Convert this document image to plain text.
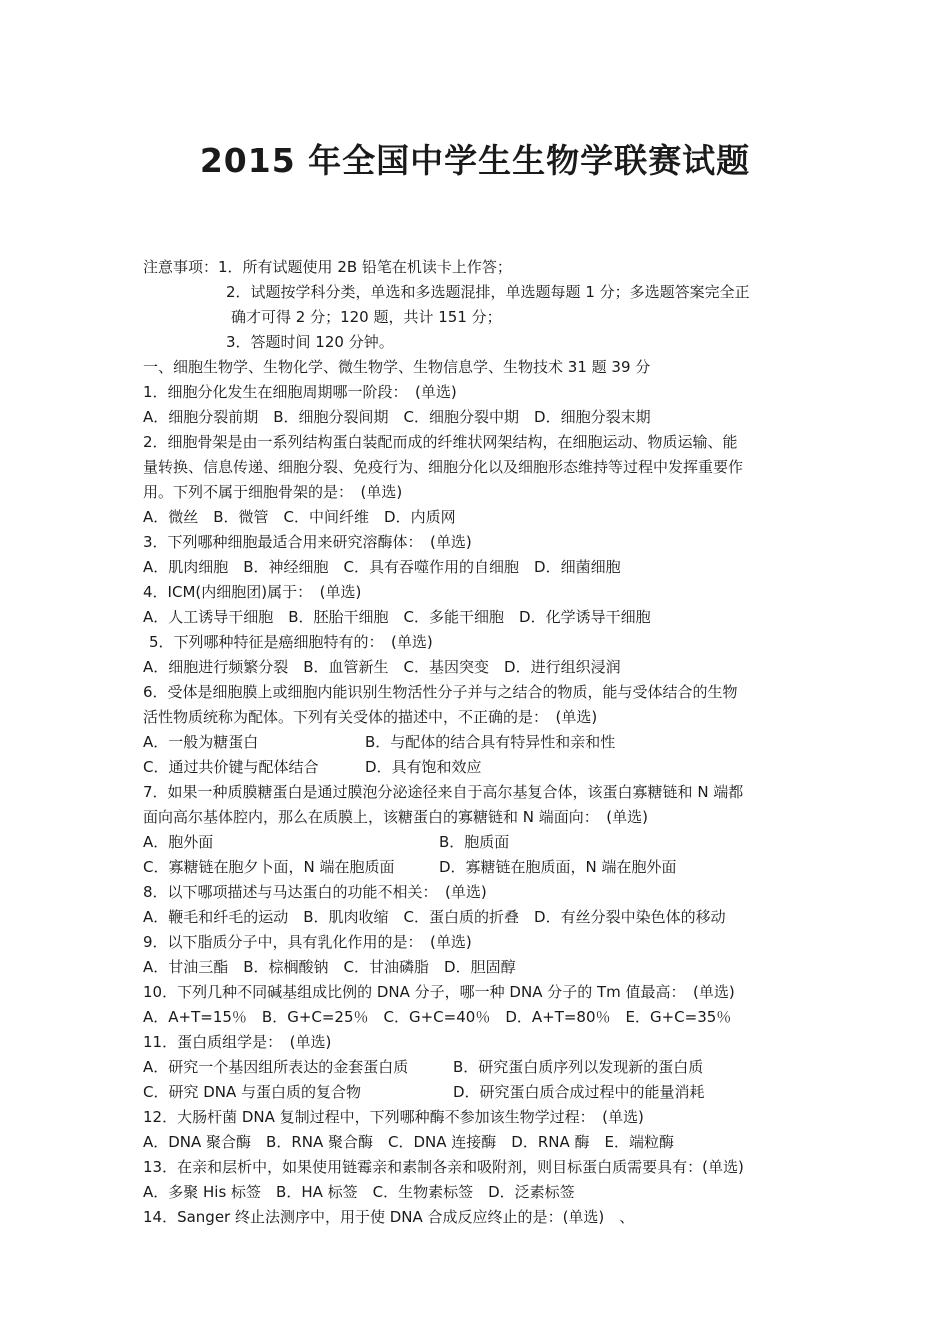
2015 年全国中学生生物学联赛试题
注意事项：1．所有试题使用 2B 铅笔在机读卡上作答；
2．试题按学科分类，单选和多选题混排，单选题每题 1 分；多选题答案完全正
确才可得 2 分；120 题，共计 151 分；
3．答题时间 120 分钟。
一、细胞生物学、生物化学、微生物学、生物信息学、生物技术 31 题 39 分
1．细胞分化发生在细胞周期哪一阶段：　(单选)
A．细胞分裂前期　B．细胞分裂间期　C．细胞分裂中期　D．细胞分裂末期
2．细胞骨架是由一系列结构蛋白装配而成的纤维状网架结构，在细胞运动、物质运输、能
量转换、信息传递、细胞分裂、免疫行为、细胞分化以及细胞形态维持等过程中发挥重要作
用。下列不属于细胞骨架的是：　(单选)
A．微丝　B．微管　C．中间纤维　D．内质网
3．下列哪种细胞最适合用来研究溶酶体：　(单选)
A．肌肉细胞　B．神经细胞　C．具有吞噬作用的自细胞　D．细菌细胞
4．ICM(内细胞团)属于：　(单选)
A．人工诱导干细胞　B．胚胎干细胞　C．多能干细胞　D．化学诱导干细胞
5．下列哪种特征是癌细胞特有的：　(单选)
A．细胞进行频繁分裂　B．血管新生　C．基因突变　D．进行组织浸润
6．受体是细胞膜上或细胞内能识别生物活性分子并与之结合的物质，能与受体结合的生物
活性物质统称为配体。下列有关受体的描述中，不正确的是：　(单选)
A．一般为糖蛋白	B．与配体的结合具有特异性和亲和性
C．通过共价键与配体结合	D．具有饱和效应
7．如果一种质膜糖蛋白是通过膜泡分泌途径来自于高尔基复合体，该蛋白寡糖链和 N 端都
面向高尔基体腔内，那么在质膜上，该糖蛋白的寡糖链和 N 端面向：　(单选)
A．胞外面	B．胞质面
C．寡糖链在胞夕卜面，N 端在胞质面	D．寡糖链在胞质面，N 端在胞外面
8．以下哪项描述与马达蛋白的功能不相关：　(单选)
A．鞭毛和纤毛的运动　B．肌肉收缩　C．蛋白质的折叠　D．有丝分裂中染色体的移动
9．以下脂质分子中，具有乳化作用的是：　(单选)
A．甘油三酯　B．棕榈酸钠　C．甘油磷脂　D．胆固醇
10．下列几种不同碱基组成比例的 DNA 分子，哪一种 DNA 分子的 Tm 值最高：　(单选)
A．A+T=15％　B．G+C=25％　C．G+C=40％　D．A+T=80％　E．G+C=35％
11．蛋白质组学是：　(单选)
A．研究一个基因组所表达的金套蛋白质	B．研究蛋白质序列以发现新的蛋白质
C．研究 DNA 与蛋白质的复合物	D．研究蛋白质合成过程中的能量消耗
12．大肠杆菌 DNA 复制过程中，下列哪种酶不参加该生物学过程：　(单选)
A．DNA 聚合酶　B．RNA 聚合酶　C．DNA 连接酶　D．RNA 酶　E．端粒酶
13．在亲和层析中，如果使用链霉亲和素制各亲和吸附剂，则目标蛋白质需要具有：(单选)
A．多聚 His 标签　B．HA 标签　C．生物素标签　D．泛素标签
14．Sanger 终止法测序中，用于使 DNA 合成反应终止的是：(单选)　、
